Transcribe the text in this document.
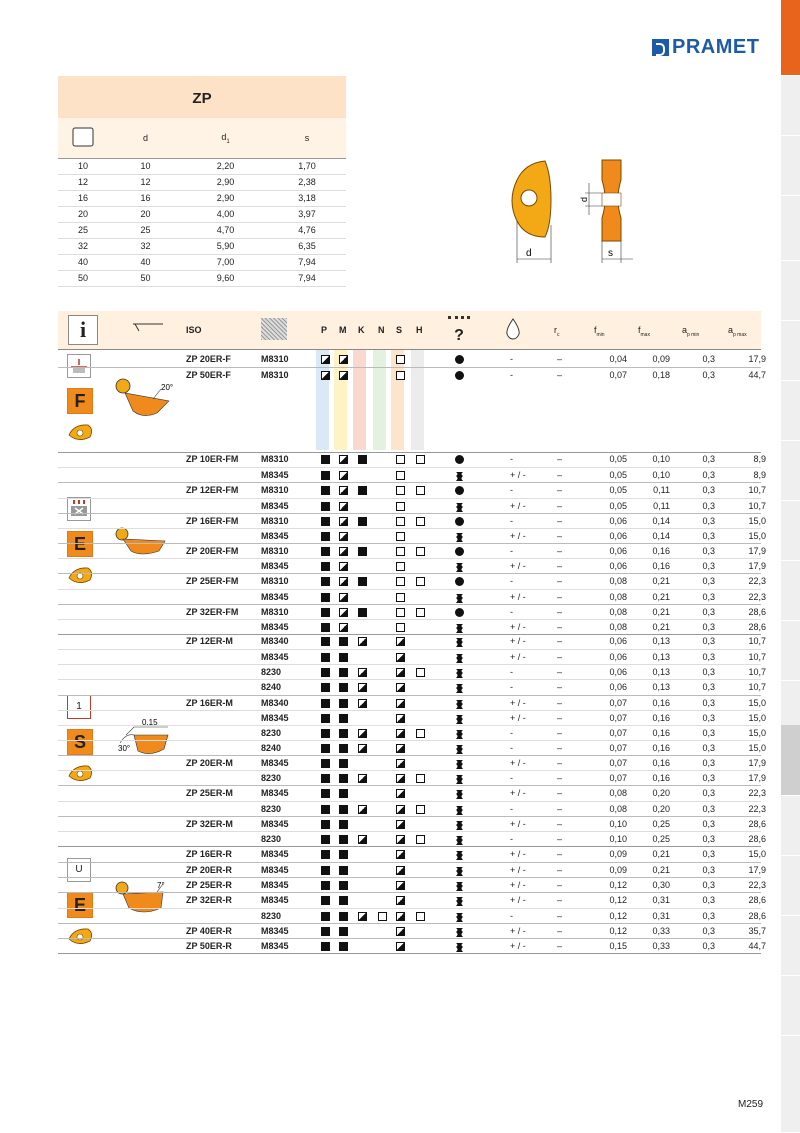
PRAMET
ZP
d	$d_1$	s
10	10	2,20	1,70
12	12	2,90	2,38
16	16	2,90	3,18
20	20	4,00	3,97
25	25	4,70	4,76
32	32	5,90	6,35
40	40	7,00	7,94
50	50	9,60	7,94
d
d
s
i	ISO	P M K N S H	?	$r_c$	$f_{min}$	$f_{max}$	$a_{p min}$	$a_{p max}$
F
20°
E
1
S
0,15
30°
U
E
7°
ZP 20ER-F	M8310	-	–	0,04	0,09	0,3	17,9
ZP 50ER-F	M8310	-	–	0,07	0,18	0,3	44,7
ZP 10ER-FM	M8310	-	–	0,05	0,10	0,3	8,9
M8345	+ / -	–	0,05	0,10	0,3	8,9
ZP 12ER-FM	M8310	-	–	0,05	0,11	0,3	10,7
M8345	+ / -	–	0,05	0,11	0,3	10,7
ZP 16ER-FM	M8310	-	–	0,06	0,14	0,3	15,0
M8345	+ / -	–	0,06	0,14	0,3	15,0
ZP 20ER-FM	M8310	-	–	0,06	0,16	0,3	17,9
M8345	+ / -	–	0,06	0,16	0,3	17,9
ZP 25ER-FM	M8310	-	–	0,08	0,21	0,3	22,3
M8345	+ / -	–	0,08	0,21	0,3	22,3
ZP 32ER-FM	M8310	-	–	0,08	0,21	0,3	28,6
M8345	+ / -	–	0,08	0,21	0,3	28,6
ZP 12ER-M	M8340	+ / -	–	0,06	0,13	0,3	10,7
M8345	+ / -	–	0,06	0,13	0,3	10,7
8230	-	–	0,06	0,13	0,3	10,7
8240	-	–	0,06	0,13	0,3	10,7
ZP 16ER-M	M8340	+ / -	–	0,07	0,16	0,3	15,0
M8345	+ / -	–	0,07	0,16	0,3	15,0
8230	-	–	0,07	0,16	0,3	15,0
8240	-	–	0,07	0,16	0,3	15,0
ZP 20ER-M	M8345	+ / -	–	0,07	0,16	0,3	17,9
8230	-	–	0,07	0,16	0,3	17,9
ZP 25ER-M	M8345	+ / -	–	0,08	0,20	0,3	22,3
8230	-	–	0,08	0,20	0,3	22,3
ZP 32ER-M	M8345	+ / -	–	0,10	0,25	0,3	28,6
8230	-	–	0,10	0,25	0,3	28,6
ZP 16ER-R	M8345	+ / -	–	0,09	0,21	0,3	15,0
ZP 20ER-R	M8345	+ / -	–	0,09	0,21	0,3	17,9
ZP 25ER-R	M8345	+ / -	–	0,12	0,30	0,3	22,3
ZP 32ER-R	M8345	+ / -	–	0,12	0,31	0,3	28,6
8230	-	–	0,12	0,31	0,3	28,6
ZP 40ER-R	M8345	+ / -	–	0,12	0,33	0,3	35,7
ZP 50ER-R	M8345	+ / -	–	0,15	0,33	0,3	44,7
M259
